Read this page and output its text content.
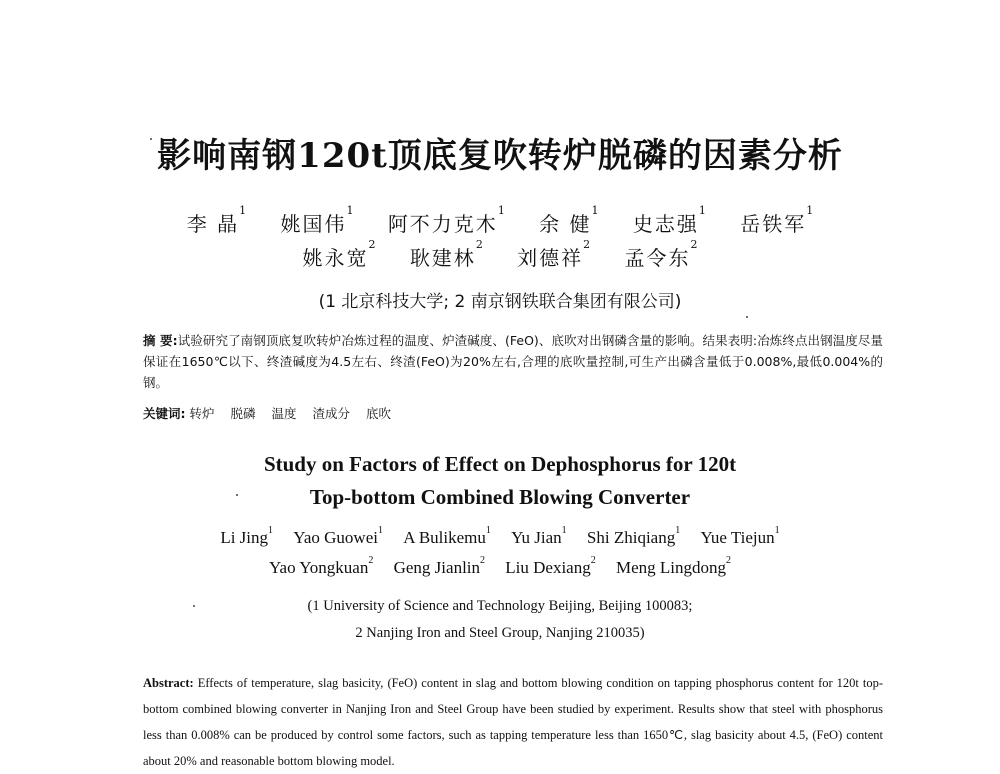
影响南钢120t顶底复吹转炉脱磷的因素分析
李 晶$^1$ 姚国伟$^1$ 阿不力克木$^1$ 余 健$^1$ 史志强$^1$ 岳铁军$^1$
姚永宽$^2$ 耿建林$^2$ 刘德祥$^2$ 孟令东$^2$
(1 北京科技大学; 2 南京钢铁联合集团有限公司)
摘 要:试验研究了南钢顶底复吹转炉冶炼过程的温度、炉渣碱度、(FeO)、底吹对出钢磷含量的影响。结果表明:冶炼终点出钢温度尽量保证在1650℃以下、终渣碱度为4.5左右、终渣(FeO)为20%左右,合理的底吹量控制,可生产出磷含量低于0.008%,最低0.004%的钢。
关键词: 转炉 脱磷 温度 渣成分 底吹
Study on Factors of Effect on Dephosphorus for 120t
Top-bottom Combined Blowing Converter
Li Jing$^1$ Yao Guowei$^1$ A Bulikemu$^1$ Yu Jian$^1$ Shi Zhiqiang$^1$ Yue Tiejun$^1$
Yao Yongkuan$^2$ Geng Jianlin$^2$ Liu Dexiang$^2$ Meng Lingdong$^2$
(1 University of Science and Technology Beijing, Beijing 100083;
2 Nanjing Iron and Steel Group, Nanjing 210035)
Abstract: Effects of temperature, slag basicity, (FeO) content in slag and bottom blowing condition on tapping phosphorus content for 120t top-bottom combined blowing converter in Nanjing Iron and Steel Group have been studied by experiment. Results show that steel with phosphorus less than 0.008% can be produced by control some factors, such as tapping temperature less than 1650℃, slag basicity about 4.5, (FeO) content about 20% and reasonable bottom blowing model.
